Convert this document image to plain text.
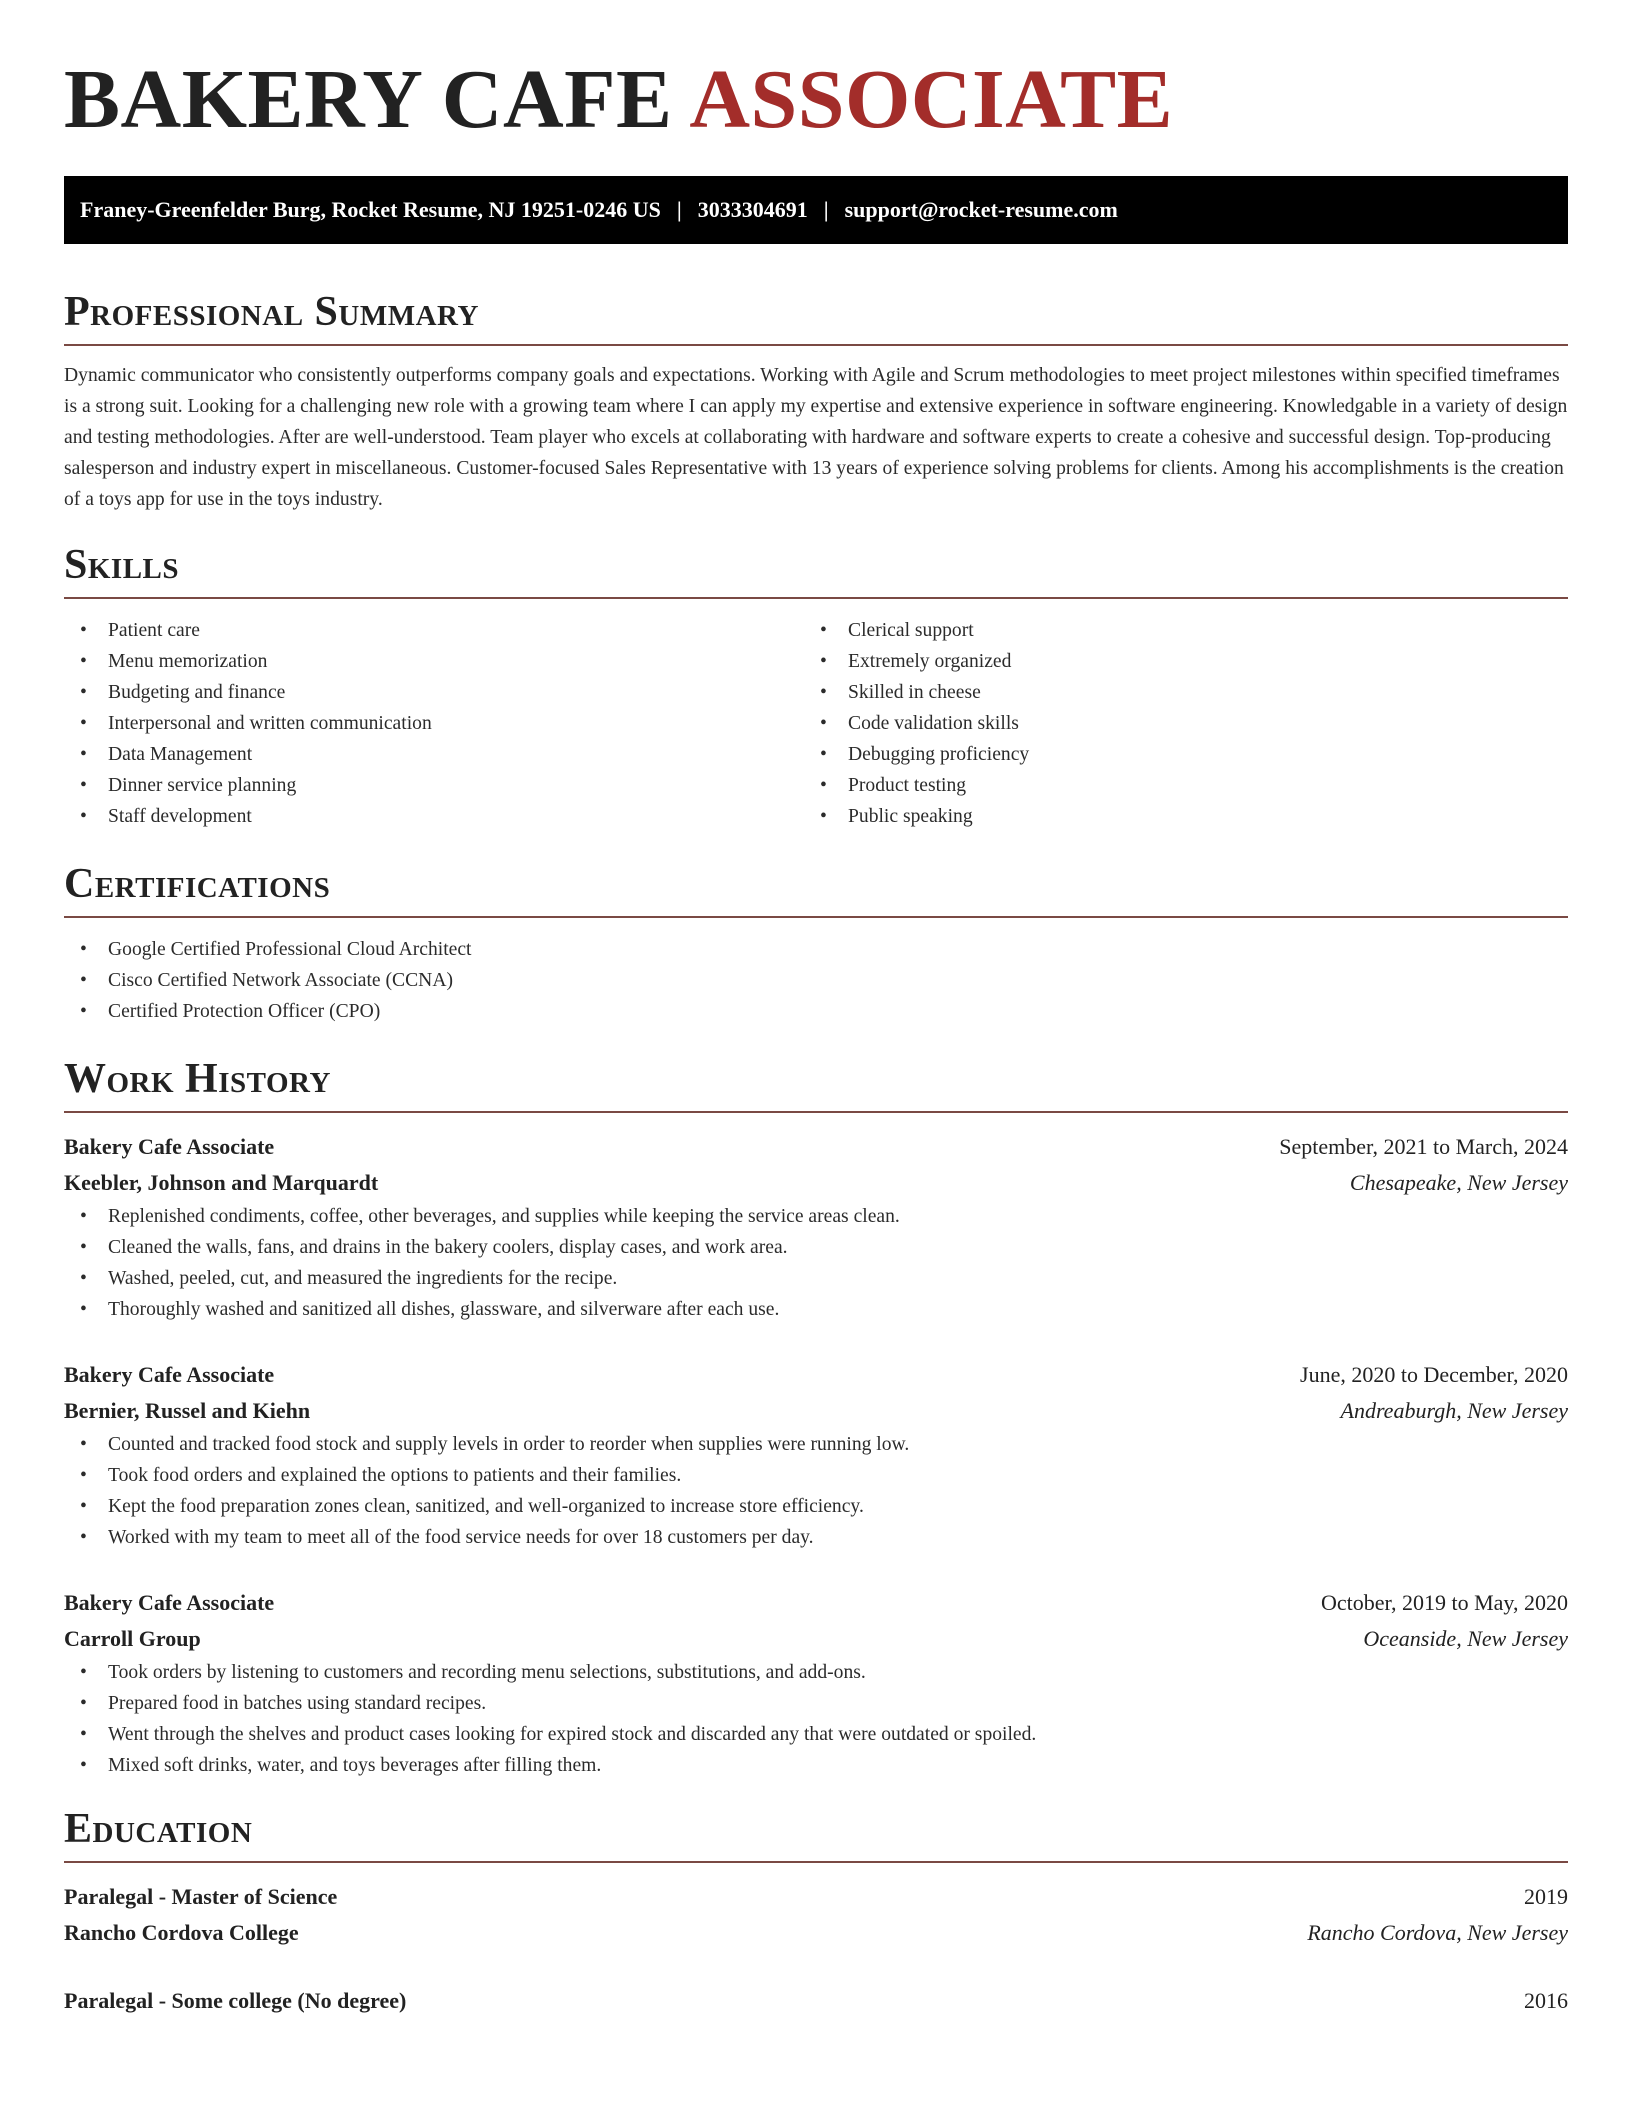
BAKERY CAFE ASSOCIATE
Franey-Greenfelder Burg, Rocket Resume, NJ 19251-0246 US | 3033304691 | support@rocket-resume.com
Professional Summary

Dynamic communicator who consistently outperforms company goals and expectations. Working with Agile and Scrum methodologies to meet project milestones within specified timeframes is a strong suit. Looking for a challenging new role with a growing team where I can apply my expertise and extensive experience in software engineering. Knowledgable in a variety of design and testing methodologies. After are well-understood. Team player who excels at collaborating with hardware and software experts to create a cohesive and successful design. Top-producing salesperson and industry expert in miscellaneous. Customer-focused Sales Representative with 13 years of experience solving problems for clients. Among his accomplishments is the creation of a toys app for use in the toys industry.

Skills
• Patient care
• Menu memorization
• Budgeting and finance
• Interpersonal and written communication
• Data Management
• Dinner service planning
• Staff development
• Clerical support
• Extremely organized
• Skilled in cheese
• Code validation skills
• Debugging proficiency
• Product testing
• Public speaking
Certifications
• Google Certified Professional Cloud Architect
• Cisco Certified Network Associate (CCNA)
• Certified Protection Officer (CPO)
Work History
Bakery Cafe Associate	September, 2021 to March, 2024
Keebler, Johnson and Marquardt	Chesapeake, New Jersey
• Replenished condiments, coffee, other beverages, and supplies while keeping the service areas clean.
• Cleaned the walls, fans, and drains in the bakery coolers, display cases, and work area.
• Washed, peeled, cut, and measured the ingredients for the recipe.
• Thoroughly washed and sanitized all dishes, glassware, and silverware after each use.
Bakery Cafe Associate	June, 2020 to December, 2020
Bernier, Russel and Kiehn	Andreaburgh, New Jersey
• Counted and tracked food stock and supply levels in order to reorder when supplies were running low.
• Took food orders and explained the options to patients and their families.
• Kept the food preparation zones clean, sanitized, and well-organized to increase store efficiency.
• Worked with my team to meet all of the food service needs for over 18 customers per day.
Bakery Cafe Associate	October, 2019 to May, 2020
Carroll Group	Oceanside, New Jersey
• Took orders by listening to customers and recording menu selections, substitutions, and add-ons.
• Prepared food in batches using standard recipes.
• Went through the shelves and product cases looking for expired stock and discarded any that were outdated or spoiled.
• Mixed soft drinks, water, and toys beverages after filling them.
Education
Paralegal - Master of Science	2019
Rancho Cordova College	Rancho Cordova, New Jersey
Paralegal - Some college (No degree)	2016
